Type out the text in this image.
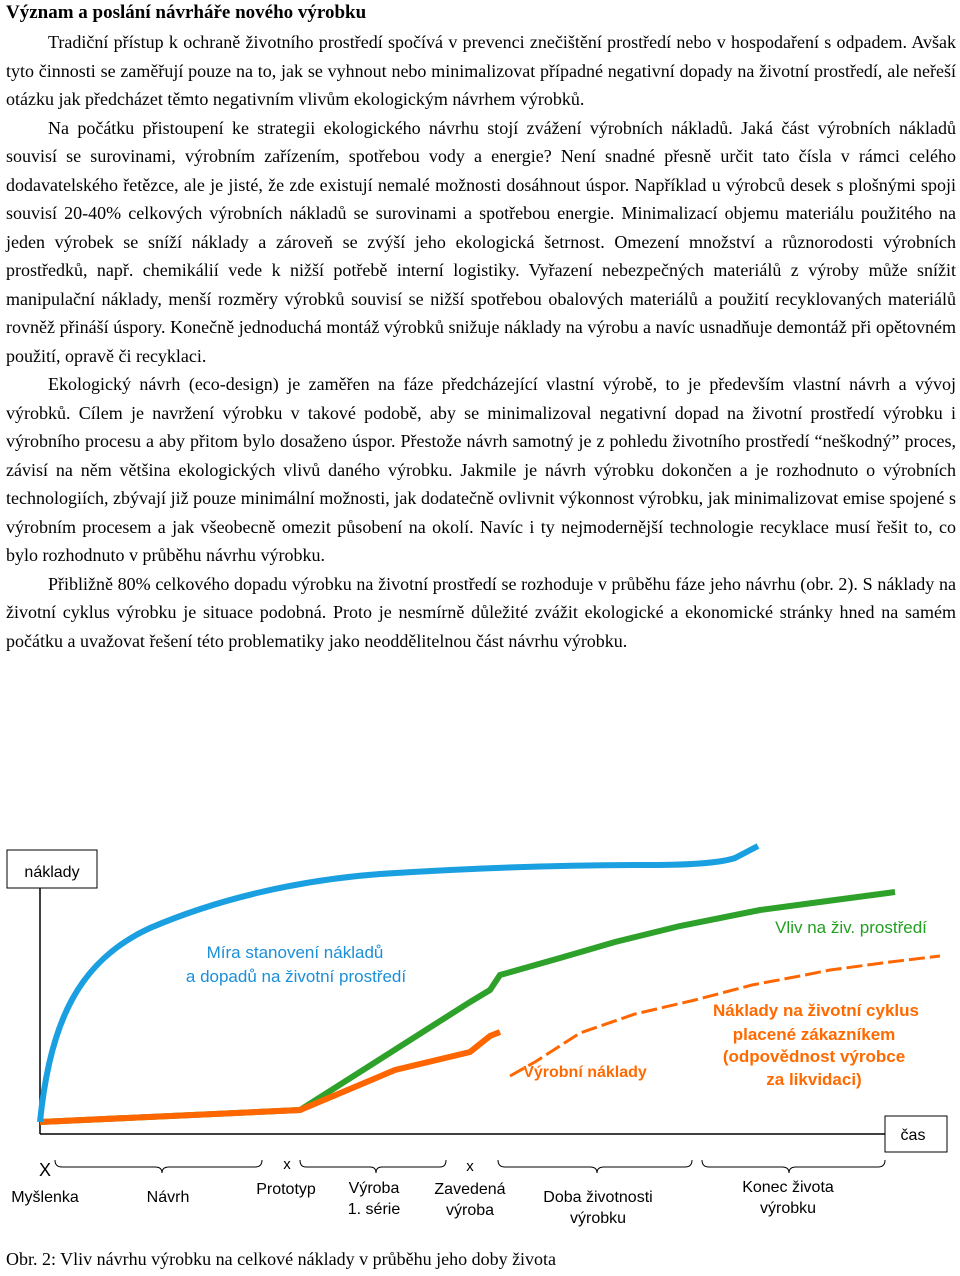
Význam a poslání návrháře nového výrobku

Tradiční přístup k ochraně životního prostředí spočívá v prevenci znečištění prostředí nebo v hospodaření s odpadem. Avšak tyto činnosti se zaměřují pouze na to, jak se vyhnout nebo minimalizovat případné negativní dopady na životní prostředí, ale neřeší otázku jak předcházet těmto negativním vlivům ekologickým návrhem výrobků.

Na počátku přistoupení ke strategii ekologického návrhu stojí zvážení výrobních nákladů. Jaká část výrobních nákladů souvisí se surovinami, výrobním zařízením, spotřebou vody a energie? Není snadné přesně určit tato čísla v rámci celého dodavatelského řetězce, ale je jisté, že zde existují nemalé možnosti dosáhnout úspor. Například u výrobců desek s plošnými spoji souvisí 20-40% celkových výrobních nákladů se surovinami a spotřebou energie. Minimalizací objemu materiálu použitého na jeden výrobek se sníží náklady a zároveň se zvýší jeho ekologická šetrnost. Omezení množství a různorodosti výrobních prostředků, např. chemikálií vede k nižší potřebě interní logistiky. Vyřazení nebezpečných materiálů z výroby může snížit manipulační náklady, menší rozměry výrobků souvisí se nižší spotřebou obalových materiálů a použití recyklovaných materiálů rovněž přináší úspory. Konečně jednoduchá montáž výrobků snižuje náklady na výrobu a navíc usnadňuje demontáž při opětovném použití, opravě či recyklaci.

Ekologický návrh (eco-design) je zaměřen na fáze předcházející vlastní výrobě, to je především vlastní návrh a vývoj výrobků. Cílem je navržení výrobku v takové podobě, aby se minimalizoval negativní dopad na životní prostředí výrobku i výrobního procesu a aby přitom bylo dosaženo úspor. Přestože návrh samotný je z pohledu životního prostředí “neškodný” proces, závisí na něm většina ekologických vlivů daného výrobku. Jakmile je návrh výrobku dokončen a je rozhodnuto o výrobních technologiích, zbývají již pouze minimální možnosti, jak dodatečně ovlivnit výkonnost výrobku, jak minimalizovat emise spojené s výrobním procesem a jak všeobecně omezit působení na okolí. Navíc i ty nejmodernější technologie recyklace musí řešit to, co bylo rozhodnuto v průběhu návrhu výrobku.

Přibližně 80% celkového dopadu výrobku na životní prostředí se rozhoduje v průběhu fáze jeho návrhu (obr. 2). S náklady na životní cyklus výrobku je situace podobná. Proto je nesmírně důležité zvážit ekologické a ekonomické stránky hned na samém počátku a uvažovat řešení této problematiky jako neoddělitelnou část návrhu výrobku.

náklady
čas
Míra stanovení nákladů
a dopadů na životní prostředí
Vliv na živ. prostředí
Výrobní náklady
Náklady na životní cyklus
placené zákazníkem
(odpovědnost výrobce
za likvidaci)
X	x	x
Myšlenka	Návrh	Prototyp Výroba
1. série
Zavedená
výroba
Doba životnosti
výrobku
Konec života
výrobku
Obr. 2: Vliv návrhu výrobku na celkové náklady v průběhu jeho doby života
